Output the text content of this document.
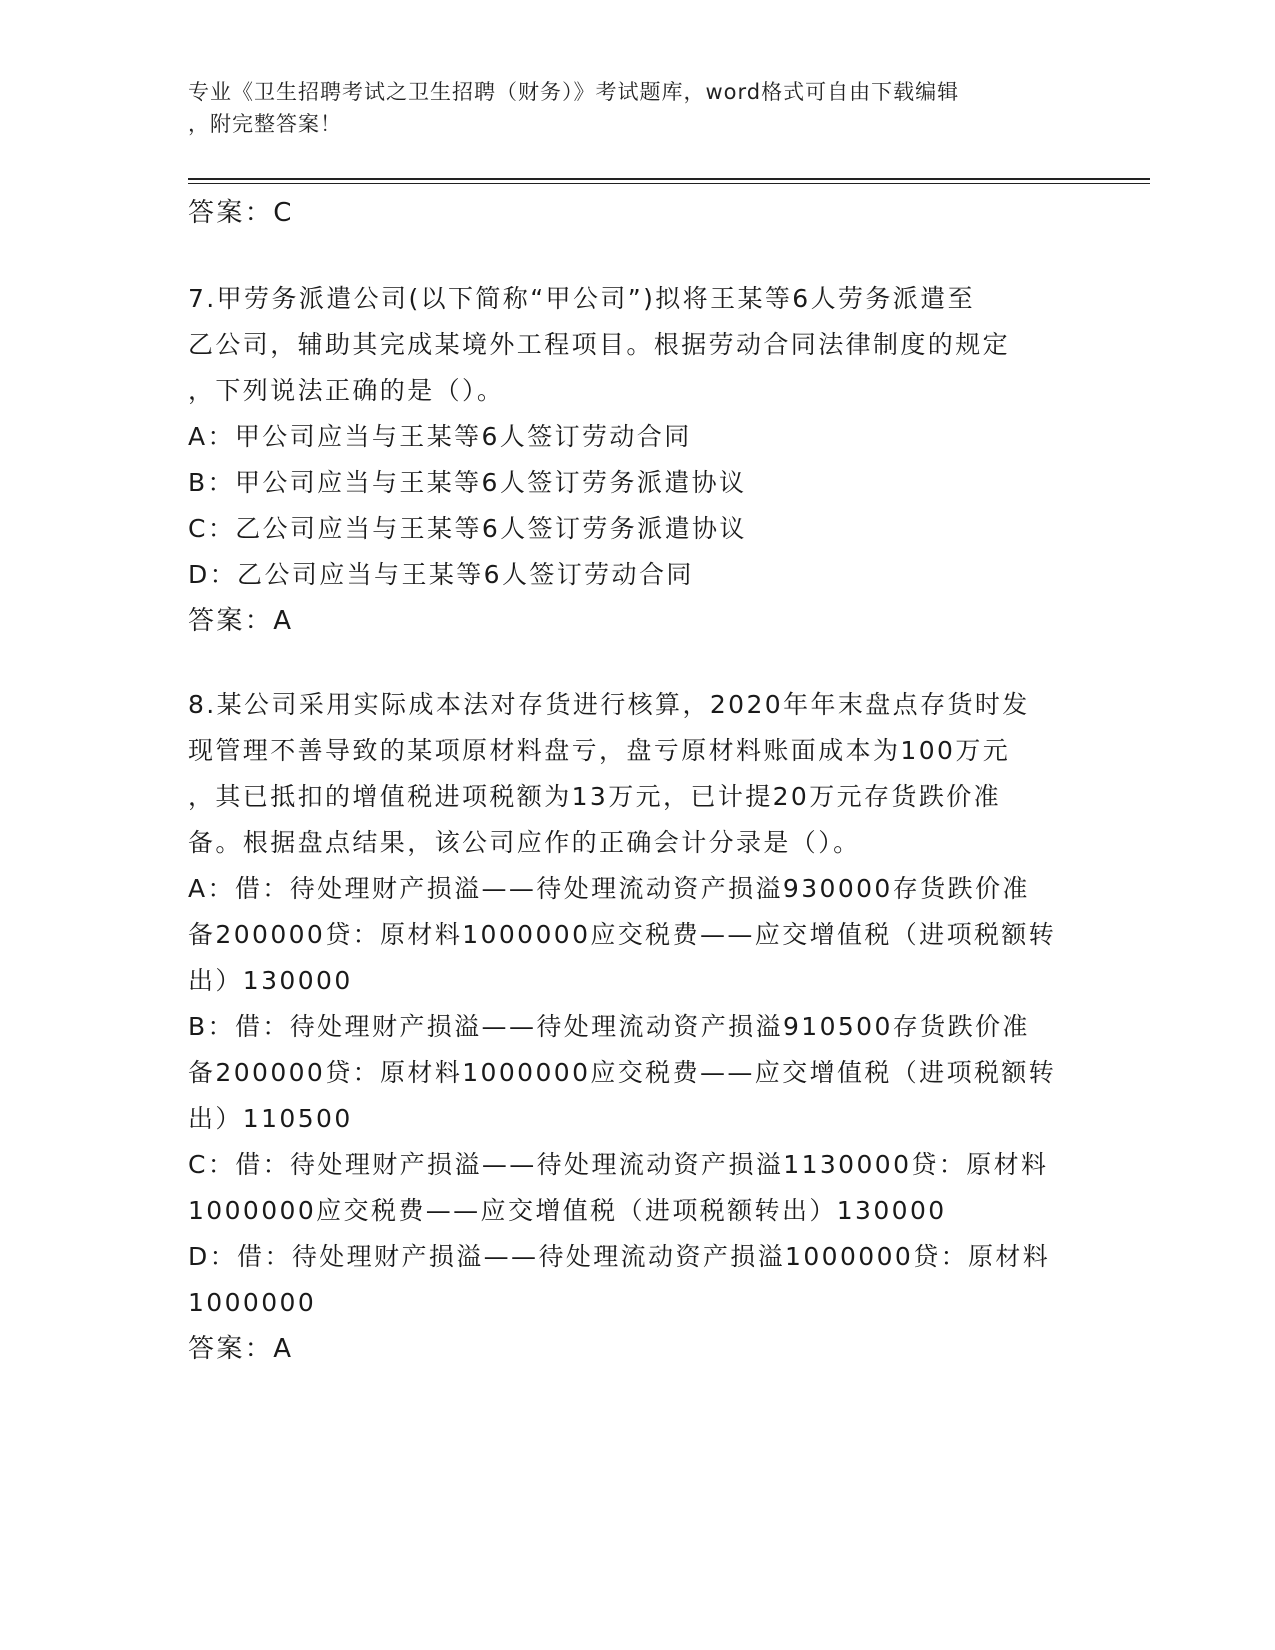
专业《卫生招聘考试之卫生招聘（财务）》考试题库，word格式可自由下载编辑
，附完整答案！
答案：C
7.甲劳务派遣公司(以下简称“甲公司”)拟将王某等6人劳务派遣至
乙公司，辅助其完成某境外工程项目。根据劳动合同法律制度的规定
，下列说法正确的是（）。
A：甲公司应当与王某等6人签订劳动合同
B：甲公司应当与王某等6人签订劳务派遣协议
C：乙公司应当与王某等6人签订劳务派遣协议
D：乙公司应当与王某等6人签订劳动合同
答案：A
8.某公司采用实际成本法对存货进行核算，2020年年末盘点存货时发
现管理不善导致的某项原材料盘亏，盘亏原材料账面成本为100万元
，其已抵扣的增值税进项税额为13万元，已计提20万元存货跌价准
备。根据盘点结果，该公司应作的正确会计分录是（）。
A：借：待处理财产损溢——待处理流动资产损溢930000存货跌价准
备200000贷：原材料1000000应交税费——应交增值税（进项税额转
出）130000
B：借：待处理财产损溢——待处理流动资产损溢910500存货跌价准
备200000贷：原材料1000000应交税费——应交增值税（进项税额转
出）110500
C：借：待处理财产损溢——待处理流动资产损溢1130000贷：原材料
1000000应交税费——应交增值税（进项税额转出）130000
D：借：待处理财产损溢——待处理流动资产损溢1000000贷：原材料
1000000
答案：A
